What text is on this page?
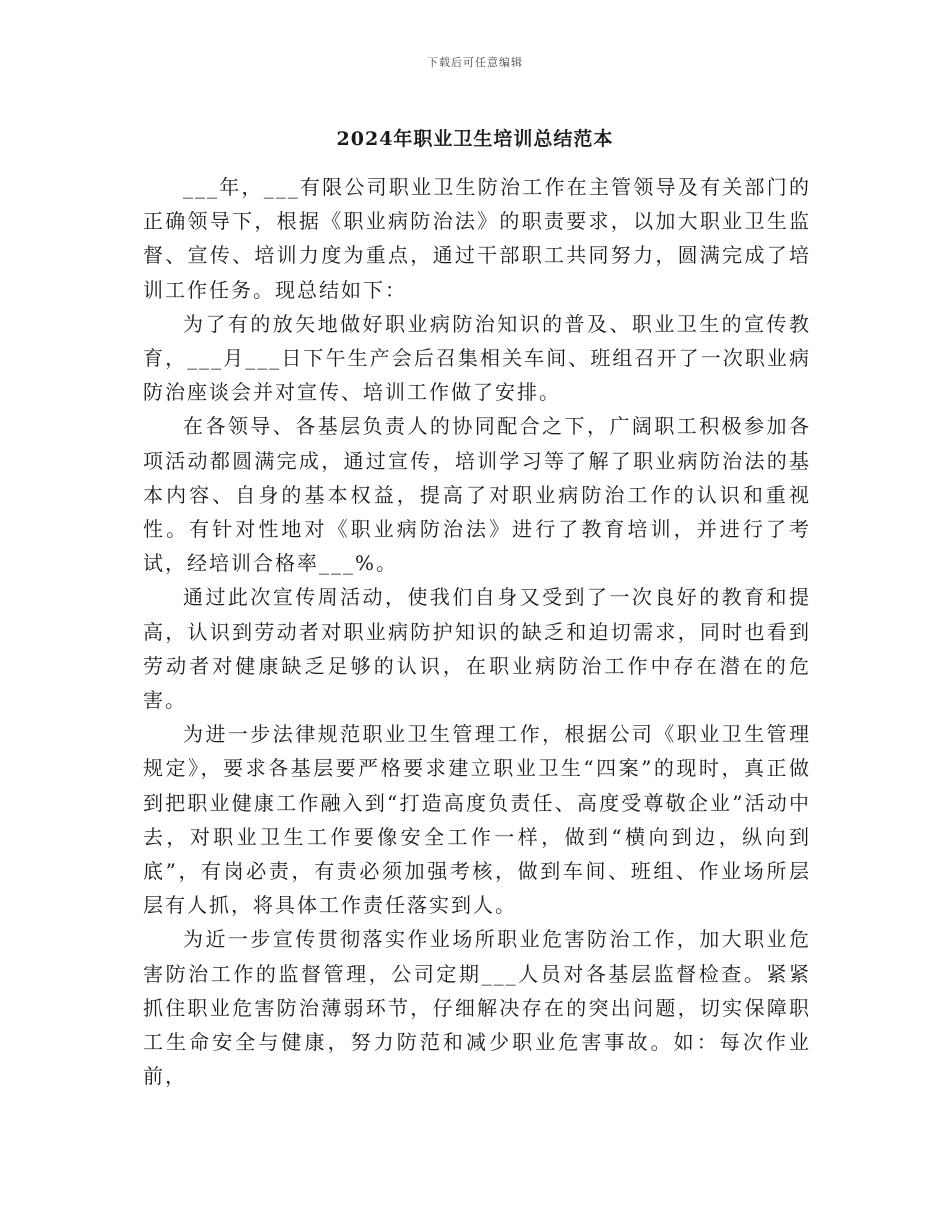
下载后可任意编辑
2024年职业卫生培训总结范本

___年，___有限公司职业卫生防治工作在主管领导及有关部门的正确领导下，根据《职业病防治法》的职责要求，以加大职业卫生监督、宣传、培训力度为重点，通过干部职工共同努力，圆满完成了培训工作任务。现总结如下：

为了有的放矢地做好职业病防治知识的普及、职业卫生的宣传教育，___月___日下午生产会后召集相关车间、班组召开了一次职业病防治座谈会并对宣传、培训工作做了安排。

在各领导、各基层负责人的协同配合之下，广阔职工积极参加各项活动都圆满完成，通过宣传，培训学习等了解了职业病防治法的基本内容、自身的基本权益，提高了对职业病防治工作的认识和重视性。有针对性地对《职业病防治法》进行了教育培训，并进行了考试，经培训合格率___%。

通过此次宣传周活动，使我们自身又受到了一次良好的教育和提高，认识到劳动者对职业病防护知识的缺乏和迫切需求，同时也看到劳动者对健康缺乏足够的认识，在职业病防治工作中存在潜在的危害。

为进一步法律规范职业卫生管理工作，根据公司《职业卫生管理规定》，要求各基层要严格要求建立职业卫生“四案”的现时，真正做到把职业健康工作融入到“打造高度负责任、高度受尊敬企业”活动中去，对职业卫生工作要像安全工作一样，做到“横向到边，纵向到底”，有岗必责，有责必须加强考核，做到车间、班组、作业场所层层有人抓，将具体工作责任落实到人。

为近一步宣传贯彻落实作业场所职业危害防治工作，加大职业危害防治工作的监督管理，公司定期___人员对各基层监督检查。紧紧抓住职业危害防治薄弱环节，仔细解决存在的突出问题，切实保障职工生命安全与健康，努力防范和减少职业危害事故。如：每次作业前，
